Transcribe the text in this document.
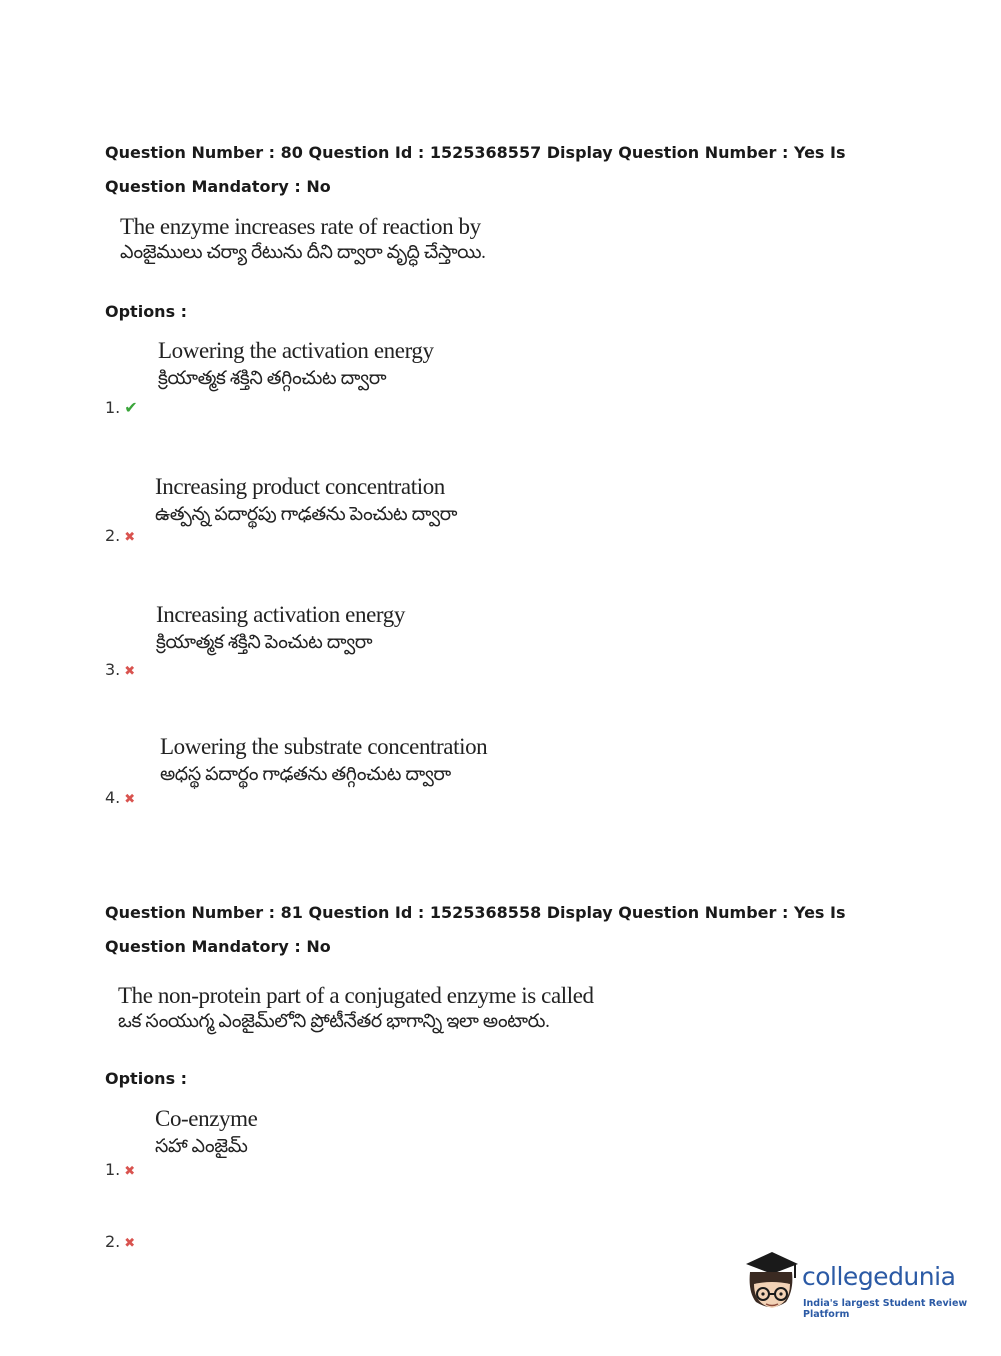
Question Number : 80 Question Id : 1525368557 Display Question Number : Yes Is Question Mandatory : No
The enzyme increases rate of reaction by
ఎంజైములు చర్యా రేటును దీని ద్వారా వృద్ధి చేస్తాయి.
Options :
Lowering the activation energy
క్రియాత్మక శక్తిని తగ్గించుట ద్వారా
1. ✔
Increasing product concentration
ఉత్పన్న పదార్థపు గాఢతను పెంచుట ద్వారా
2. ✖
Increasing activation energy
క్రియాత్మక శక్తిని పెంచుట ద్వారా
3. ✖
Lowering the substrate concentration
అధస్థ పదార్థం గాఢతను తగ్గించుట ద్వారా
4. ✖
Question Number : 81 Question Id : 1525368558 Display Question Number : Yes Is Question Mandatory : No
The non-protein part of a conjugated enzyme is called
ఒక సంయుగ్మ ఎంజైమ్‌లోని ప్రోటీనేతర భాగాన్ని ఇలా అంటారు.
Options :
Co-enzyme
సహా ఎంజైమ్
1. ✖
2. ✖
collegedunia
India's largest Student Review Platform
